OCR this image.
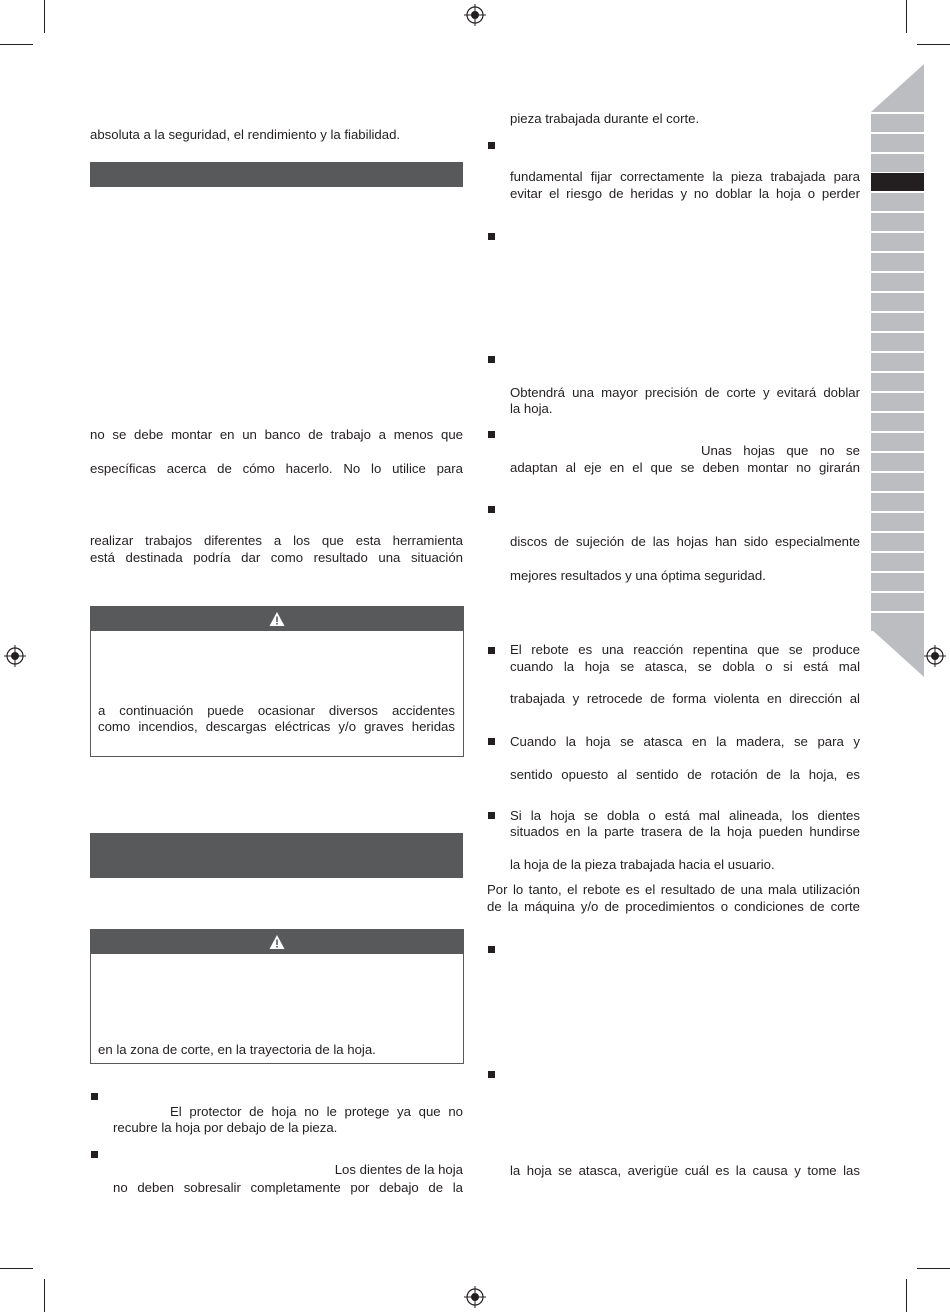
absoluta a la seguridad, el rendimiento y la fiabilidad.
no se debe montar en un banco de trabajo a menos que
específicas acerca de cómo hacerlo. No lo utilice para
realizar trabajos diferentes a los que esta herramienta
está destinada podría dar como resultado una situación
a continuación puede ocasionar diversos accidentes
como incendios, descargas eléctricas y/o graves heridas
en la zona de corte, en la trayectoria de la hoja.
El protector de hoja no le protege ya que no
recubre la hoja por debajo de la pieza.
Los dientes de la hoja
no deben sobresalir completamente por debajo de la
pieza trabajada durante el corte.
fundamental fijar correctamente la pieza trabajada para
evitar el riesgo de heridas y no doblar la hoja o perder
Obtendrá una mayor precisión de corte y evitará doblar
la hoja.
Unas hojas que no se
adaptan al eje en el que se deben montar no girarán
discos de sujeción de las hojas han sido especialmente
mejores resultados y una óptima seguridad.
El rebote es una reacción repentina que se produce
cuando la hoja se atasca, se dobla o si está mal
trabajada y retrocede de forma violenta en dirección al
Cuando la hoja se atasca en la madera, se para y
sentido opuesto al sentido de rotación de la hoja, es
Si la hoja se dobla o está mal alineada, los dientes
situados en la parte trasera de la hoja pueden hundirse
la hoja de la pieza trabajada hacia el usuario.
Por lo tanto, el rebote es el resultado de una mala utilización
de la máquina y/o de procedimientos o condiciones de corte
la hoja se atasca, averigüe cuál es la causa y tome las
